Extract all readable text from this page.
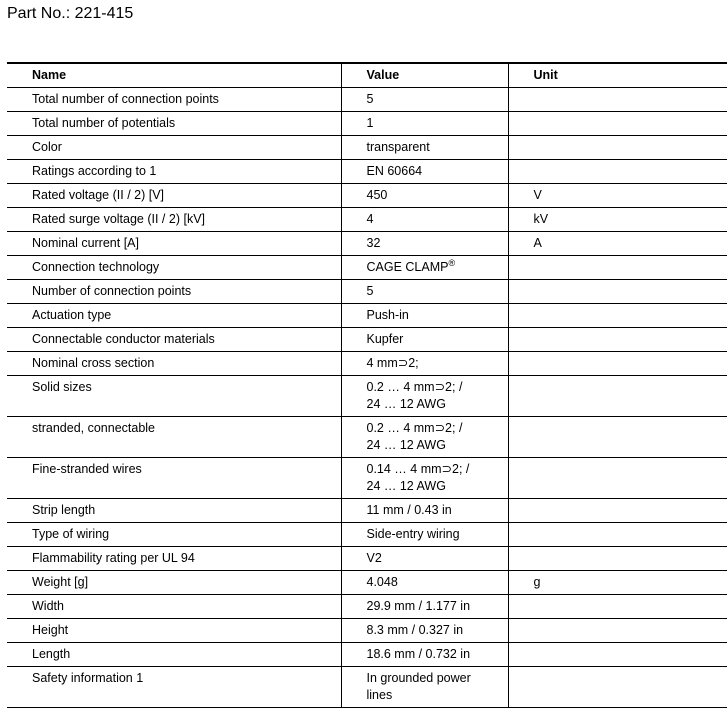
Part No.: 221-415
Name	Value	Unit
Total number of connection points	5	
Total number of potentials	1	
Color	transparent	
Ratings according to 1	EN 60664	
Rated voltage (II / 2) [V]	450	V
Rated surge voltage (II / 2) [kV]	4	kV
Nominal current [A]	32	A
Connection technology	CAGE CLAMP®	
Number of connection points	5	
Actuation type	Push-in	
Connectable conductor materials	Kupfer	
Nominal cross section	4 mm⊃2;	
Solid sizes	0.2 … 4 mm⊃2; /
24 … 12 AWG	
stranded, connectable	0.2 … 4 mm⊃2; /
24 … 12 AWG	
Fine-stranded wires	0.14 … 4 mm⊃2; /
24 … 12 AWG	
Strip length	11 mm / 0.43 in	
Type of wiring	Side-entry wiring	
Flammability rating per UL 94	V2	
Weight [g]	4.048	g
Width	29.9 mm / 1.177 in	
Height	8.3 mm / 0.327 in	
Length	18.6 mm / 0.732 in	
Safety information 1	In grounded power
lines	
